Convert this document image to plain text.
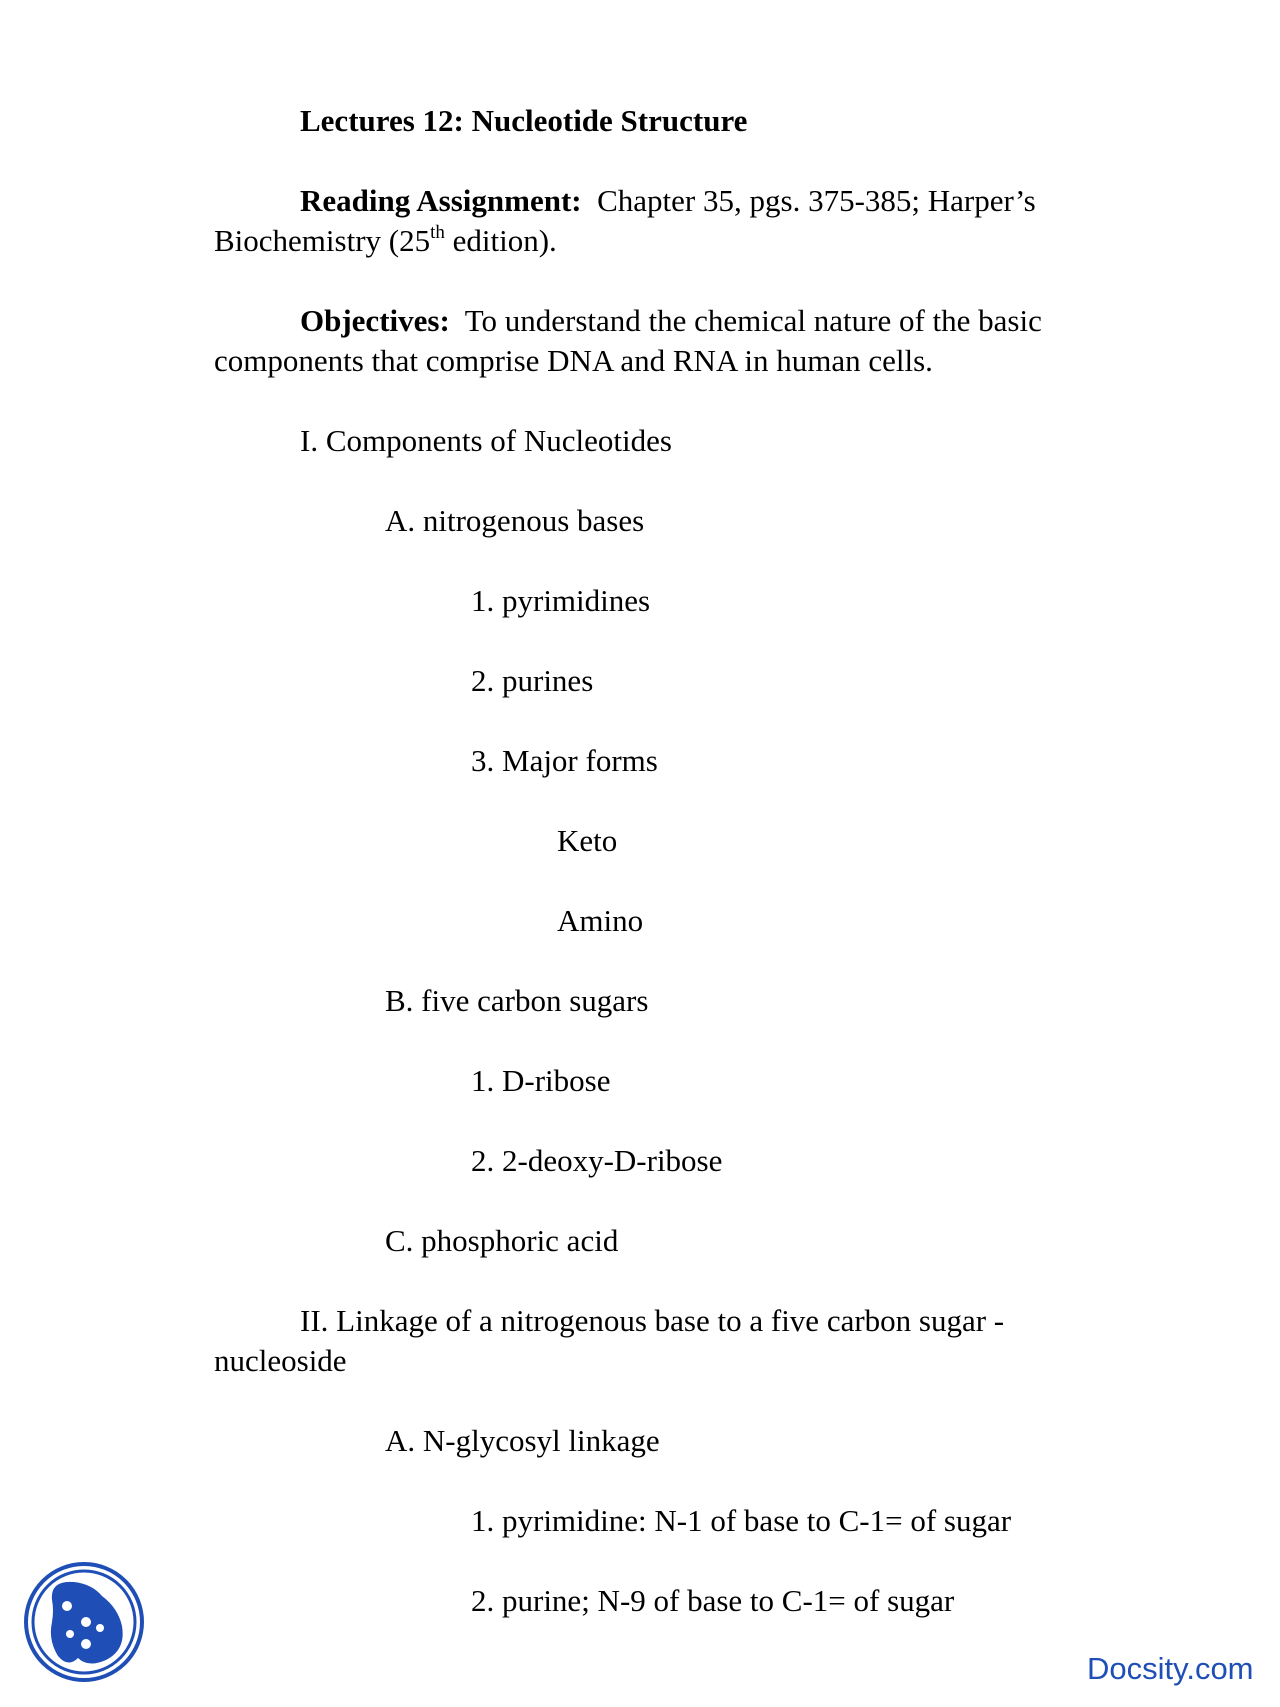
Lectures 12: Nucleotide Structure
Reading Assignment: Chapter 35, pgs. 375-385; Harper’s
Biochemistry (25th edition).
Objectives: To understand the chemical nature of the basic
components that comprise DNA and RNA in human cells.
I. Components of Nucleotides
A. nitrogenous bases
1. pyrimidines
2. purines
3. Major forms
Keto
Amino
B. five carbon sugars
1. D-ribose
2. 2-deoxy-D-ribose
C. phosphoric acid
II. Linkage of a nitrogenous base to a five carbon sugar -
nucleoside
A. N-glycosyl linkage
1. pyrimidine: N-1 of base to C-1= of sugar
2. purine; N-9 of base to C-1= of sugar
Docsity.com
